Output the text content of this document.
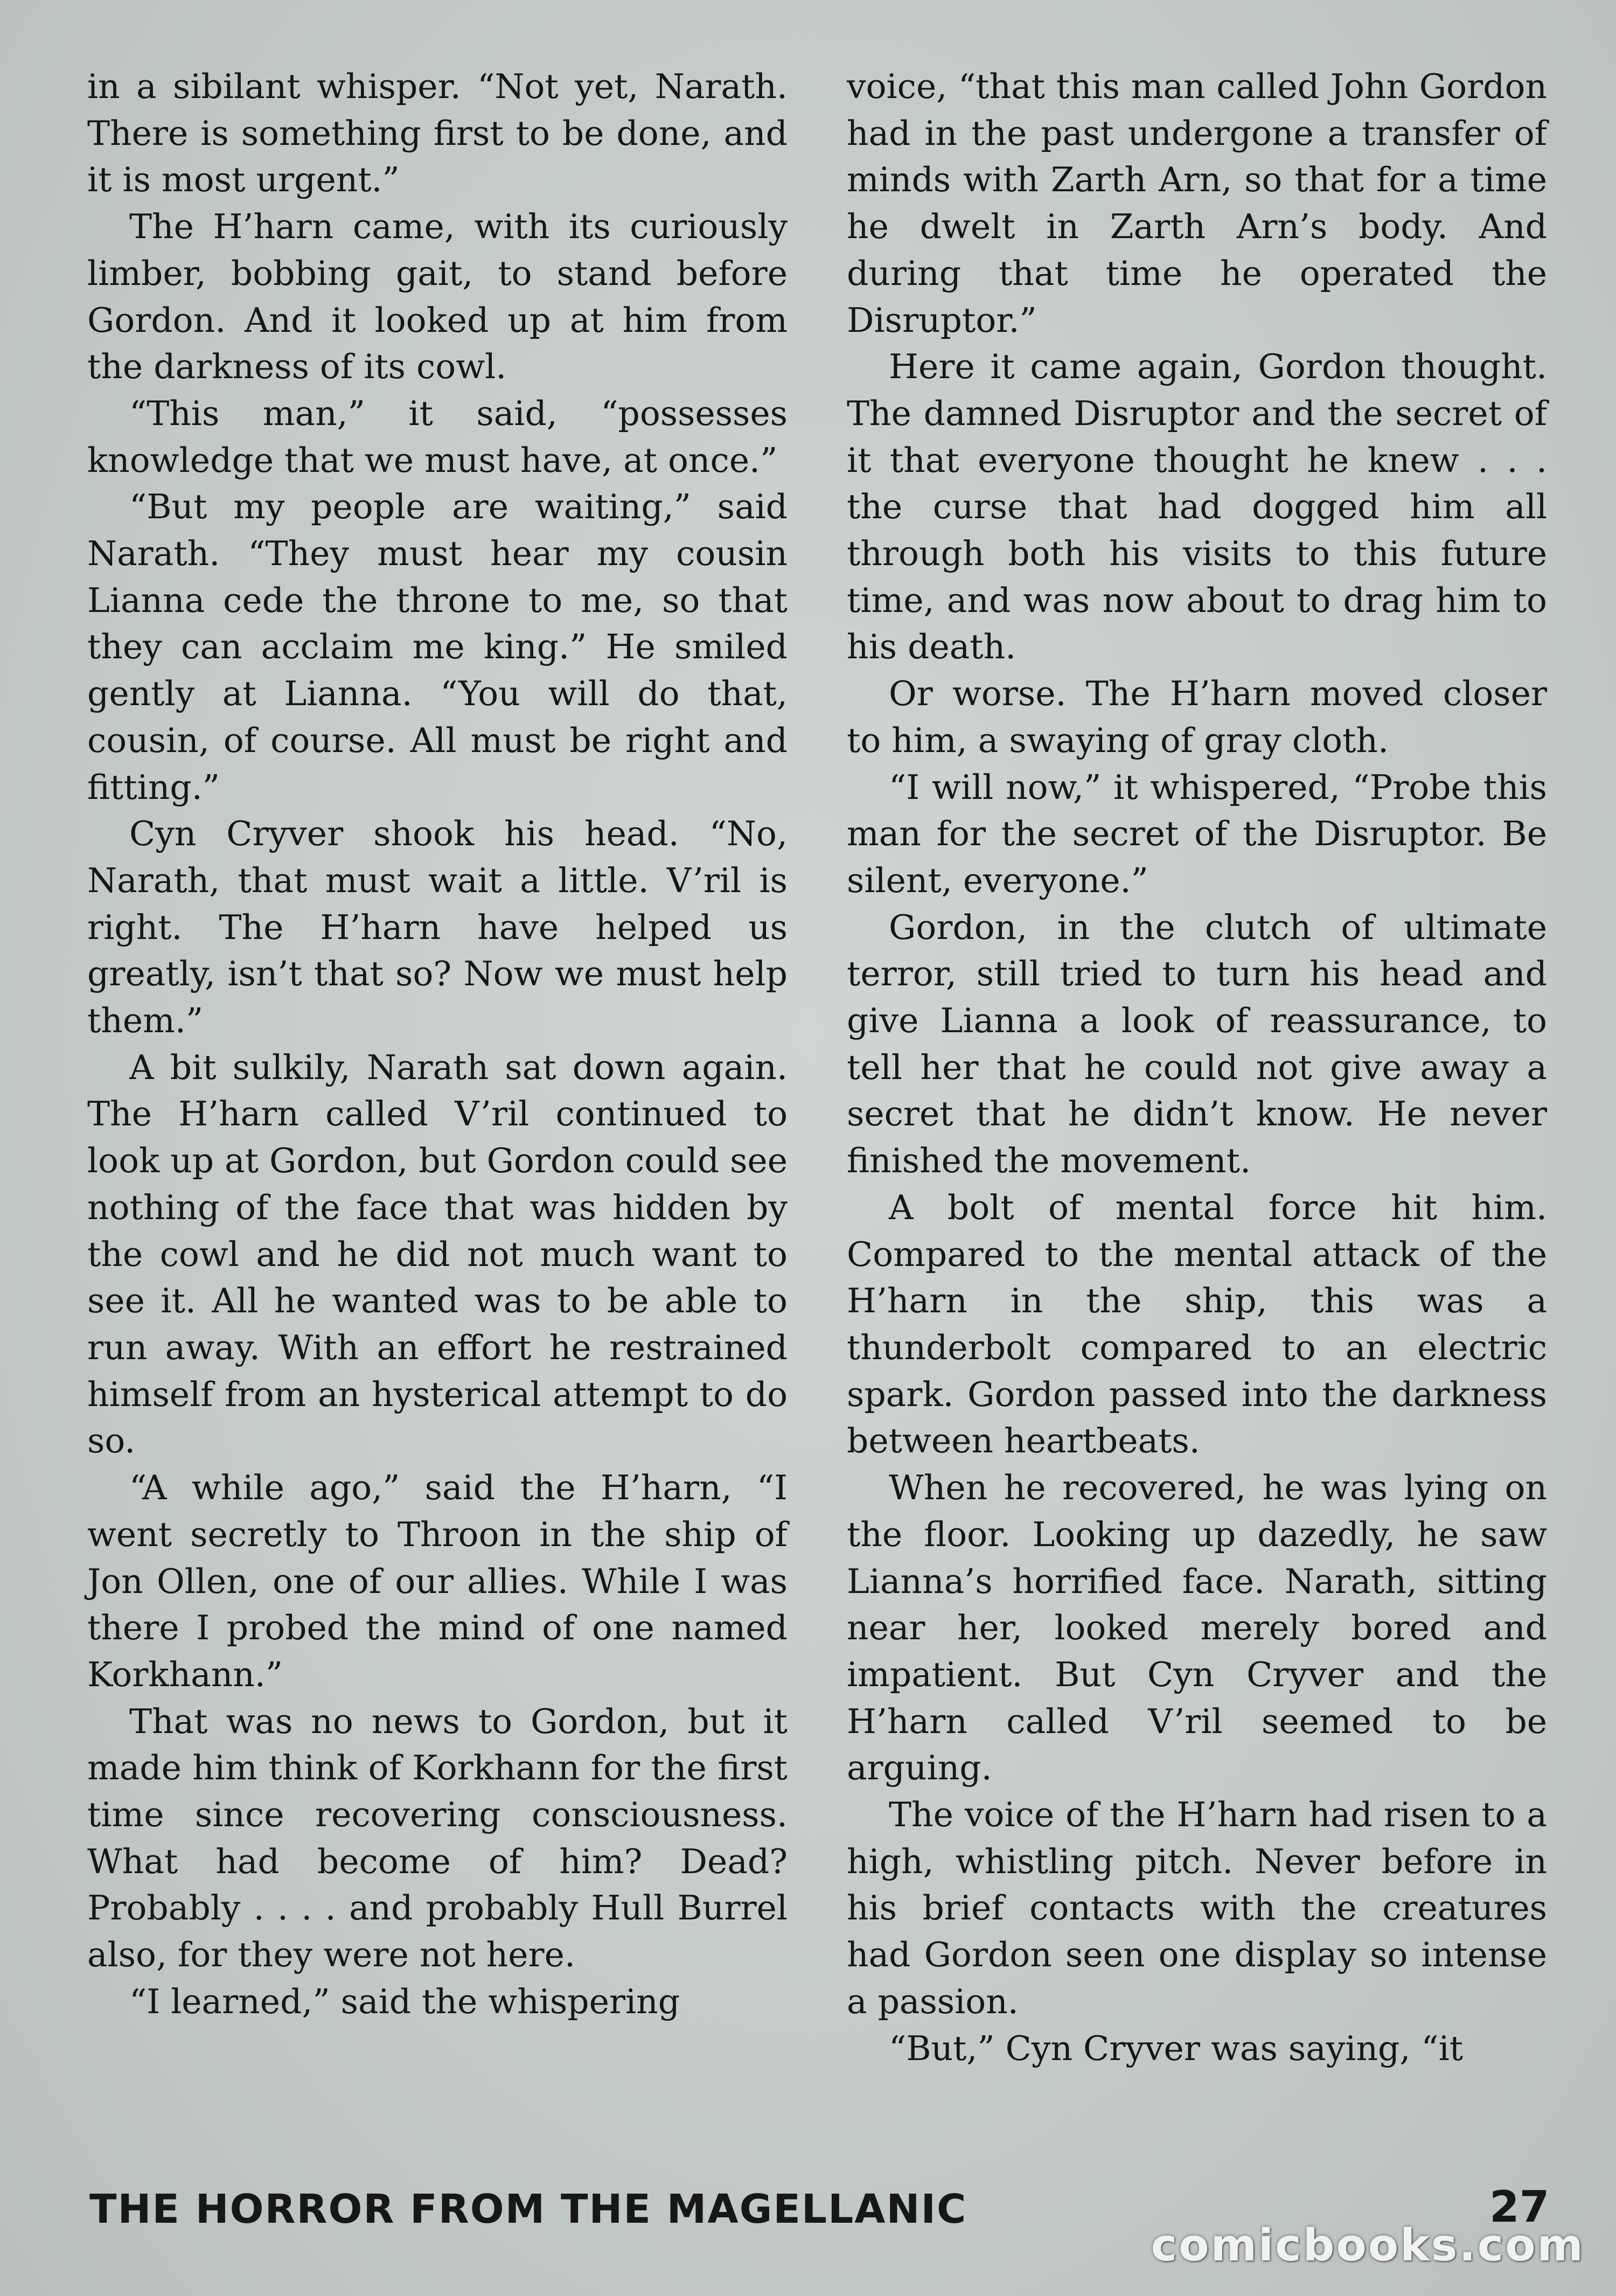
in a sibilant whisper. “Not yet, Narath. There is something first to be done, and it is most urgent.”

The H’harn came, with its curiously limber, bobbing gait, to stand before Gordon. And it looked up at him from the darkness of its cowl.

“This man,” it said, “possesses knowledge that we must have, at once.”

“But my people are waiting,” said Narath. “They must hear my cousin Lianna cede the throne to me, so that they can acclaim me king.” He smiled gently at Lianna. “You will do that, cousin, of course. All must be right and fitting.”

Cyn Cryver shook his head. “No, Narath, that must wait a little. V’ril is right. The H’harn have helped us greatly, isn’t that so? Now we must help them.”

A bit sulkily, Narath sat down again. The H’harn called V’ril continued to look up at Gordon, but Gordon could see nothing of the face that was hidden by the cowl and he did not much want to see it. All he wanted was to be able to run away. With an effort he restrained himself from an hysterical attempt to do so.

“A while ago,” said the H’harn, “I went secretly to Throon in the ship of Jon Ollen, one of our allies. While I was there I probed the mind of one named Korkhann.”

That was no news to Gordon, but it made him think of Korkhann for the first time since recovering consciousness. What had become of him? Dead? Probably . . . . and probably Hull Burrel also, for they were not here.

“I learned,” said the whispering

voice, “that this man called John Gordon had in the past undergone a transfer of minds with Zarth Arn, so that for a time he dwelt in Zarth Arn’s body. And during that time he operated the Disruptor.”

Here it came again, Gordon thought. The damned Disruptor and the secret of it that everyone thought he knew . . . the curse that had dogged him all through both his visits to this future time, and was now about to drag him to his death.

Or worse. The H’harn moved closer to him, a swaying of gray cloth.

“I will now,” it whispered, “Probe this man for the secret of the Disruptor. Be silent, everyone.”

Gordon, in the clutch of ultimate terror, still tried to turn his head and give Lianna a look of reassurance, to tell her that he could not give away a secret that he didn’t know. He never finished the movement.

A bolt of mental force hit him. Compared to the mental attack of the H’harn in the ship, this was a thunderbolt compared to an electric spark. Gordon passed into the darkness between heartbeats.

When he recovered, he was lying on the floor. Looking up dazedly, he saw Lianna’s horrified face. Narath, sitting near her, looked merely bored and impatient. But Cyn Cryver and the H’harn called V’ril seemed to be arguing.

The voice of the H’harn had risen to a high, whistling pitch. Never before in his brief contacts with the creatures had Gordon seen one display so intense a passion.

“But,” Cyn Cryver was saying, “it

THE HORROR FROM THE MAGELLANIC	27
comicbooks.com
